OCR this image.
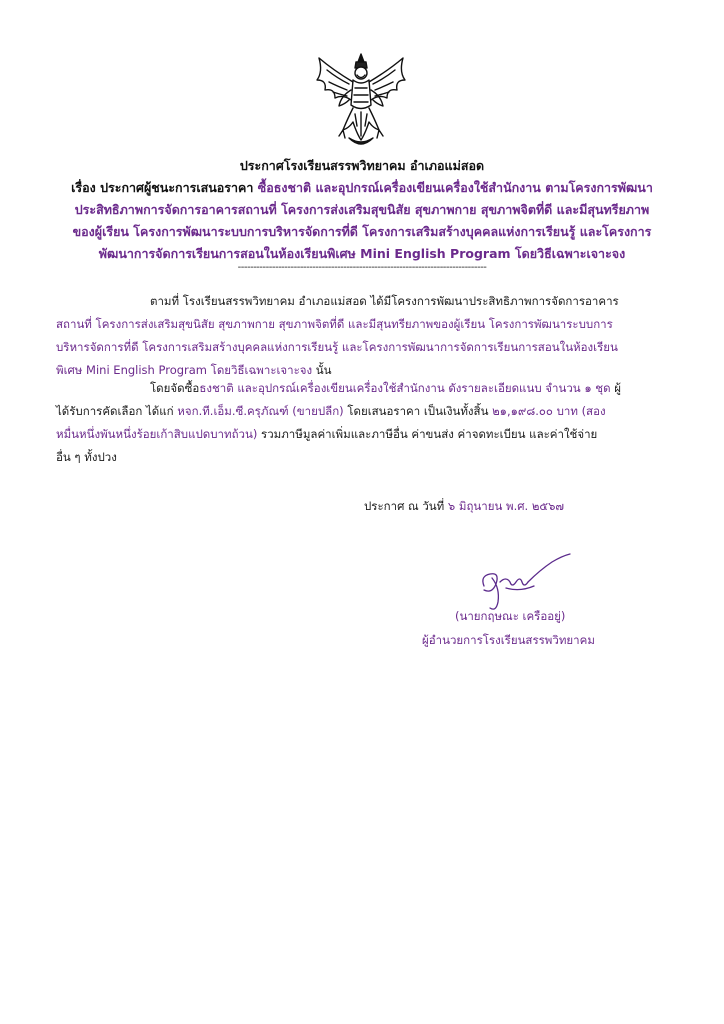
ประกาศโรงเรียนสรรพวิทยาคม อำเภอแม่สอด
เรื่อง ประกาศผู้ชนะการเสนอราคา ซื้อธงชาติ และอุปกรณ์เครื่องเขียนเครื่องใช้สำนักงาน ตามโครงการพัฒนา
ประสิทธิภาพการจัดการอาคารสถานที่ โครงการส่งเสริมสุขนิสัย สุขภาพกาย สุขภาพจิตที่ดี และมีสุนทรียภาพ
ของผู้เรียน โครงการพัฒนาระบบการบริหารจัดการที่ดี โครงการเสริมสร้างบุคคลแห่งการเรียนรู้ และโครงการ
พัฒนาการจัดการเรียนการสอนในห้องเรียนพิเศษ Mini English Program โดยวิธีเฉพาะเจาะจง
--------------------------------------------------------------------------------
ตามที่ โรงเรียนสรรพวิทยาคม อำเภอแม่สอด ได้มีโครงการพัฒนาประสิทธิภาพการจัดการอาคาร
สถานที่ โครงการส่งเสริมสุขนิสัย สุขภาพกาย สุขภาพจิตที่ดี และมีสุนทรียภาพของผู้เรียน โครงการพัฒนาระบบการ
บริหารจัดการที่ดี โครงการเสริมสร้างบุคคลแห่งการเรียนรู้ และโครงการพัฒนาการจัดการเรียนการสอนในห้องเรียน
พิเศษ Mini English Program โดยวิธีเฉพาะเจาะจง นั้น
โดยจัดซื้อธงชาติ และอุปกรณ์เครื่องเขียนเครื่องใช้สำนักงาน ดังรายละเอียดแนบ จำนวน ๑ ชุด ผู้
ได้รับการคัดเลือก ได้แก่ หจก.ที.เอ็ม.ซี.ครุภัณฑ์ (ขายปลีก) โดยเสนอราคา เป็นเงินทั้งสิ้น ๒๑,๑๙๘.๐๐ บาท (สอง
หมื่นหนึ่งพันหนึ่งร้อยเก้าสิบแปดบาทถ้วน) รวมภาษีมูลค่าเพิ่มและภาษีอื่น ค่าขนส่ง ค่าจดทะเบียน และค่าใช้จ่าย
อื่น ๆ ทั้งปวง
ประกาศ ณ วันที่ ๖ มิถุนายน พ.ศ. ๒๕๖๗
(นายกฤษณะ เครืออยู่)
ผู้อำนวยการโรงเรียนสรรพวิทยาคม
